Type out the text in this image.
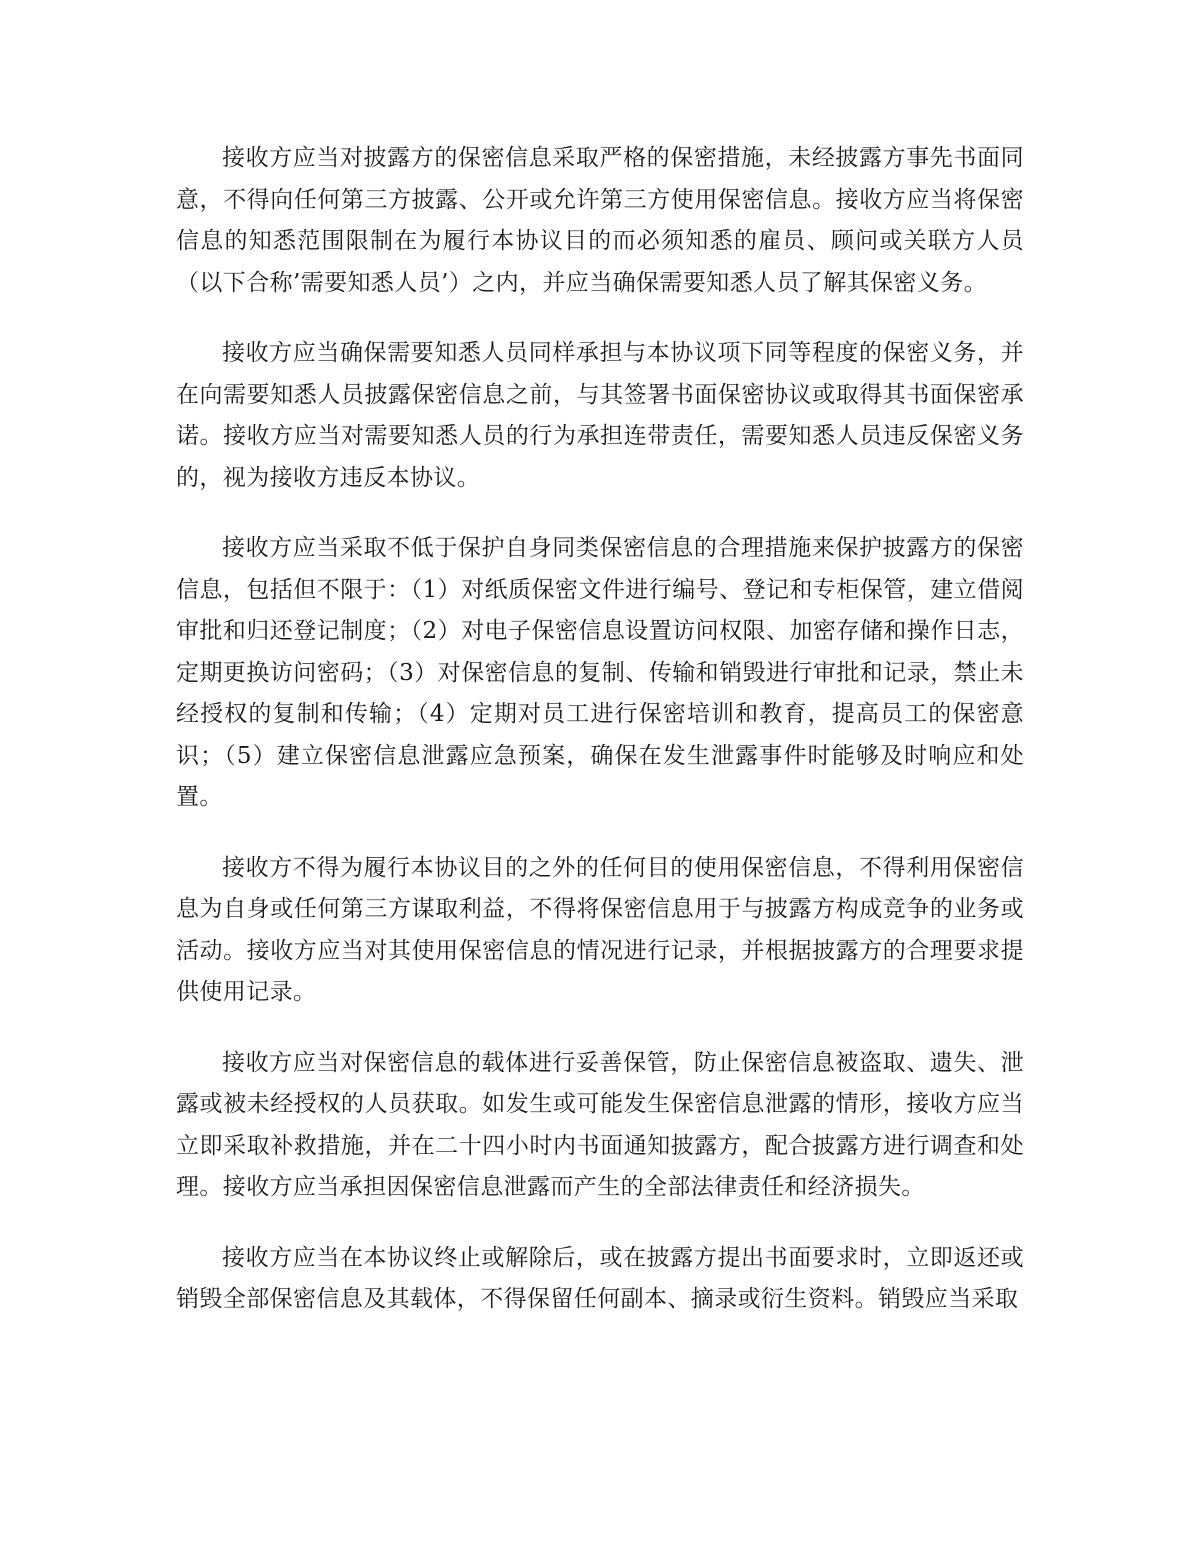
接收方应当对披露方的保密信息采取严格的保密措施，未经披露方事先书面同意，不得向任何第三方披露、公开或允许第三方使用保密信息。接收方应当将保密信息的知悉范围限制在为履行本协议目的而必须知悉的雇员、顾问或关联方人员（以下合称’需要知悉人员’）之内，并应当确保需要知悉人员了解其保密义务。

接收方应当确保需要知悉人员同样承担与本协议项下同等程度的保密义务，并在向需要知悉人员披露保密信息之前，与其签署书面保密协议或取得其书面保密承诺。接收方应当对需要知悉人员的行为承担连带责任，需要知悉人员违反保密义务的，视为接收方违反本协议。

接收方应当采取不低于保护自身同类保密信息的合理措施来保护披露方的保密信息，包括但不限于：（1）对纸质保密文件进行编号、登记和专柜保管，建立借阅审批和归还登记制度；（2）对电子保密信息设置访问权限、加密存储和操作日志，定期更换访问密码；（3）对保密信息的复制、传输和销毁进行审批和记录，禁止未经授权的复制和传输；（4）定期对员工进行保密培训和教育，提高员工的保密意识；（5）建立保密信息泄露应急预案，确保在发生泄露事件时能够及时响应和处置。

接收方不得为履行本协议目的之外的任何目的使用保密信息，不得利用保密信息为自身或任何第三方谋取利益，不得将保密信息用于与披露方构成竞争的业务或活动。接收方应当对其使用保密信息的情况进行记录，并根据披露方的合理要求提供使用记录。

接收方应当对保密信息的载体进行妥善保管，防止保密信息被盗取、遗失、泄露或被未经授权的人员获取。如发生或可能发生保密信息泄露的情形，接收方应当立即采取补救措施，并在二十四小时内书面通知披露方，配合披露方进行调查和处理。接收方应当承担因保密信息泄露而产生的全部法律责任和经济损失。

接收方应当在本协议终止或解除后，或在披露方提出书面要求时，立即返还或销毁全部保密信息及其载体，不得保留任何副本、摘录或衍生资料。销毁应当采取
